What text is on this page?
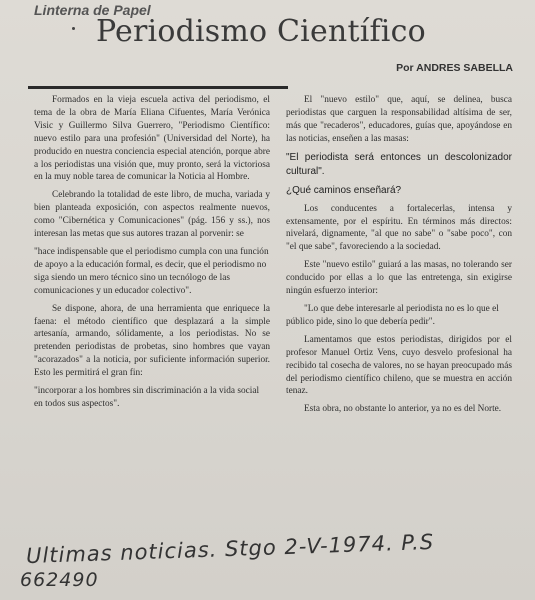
Linterna de Papel
Periodismo Científico
Por ANDRES SABELLA

Formados en la vieja escuela activa del periodismo, el tema de la obra de María Eliana Cifuentes, María Verónica Visic y Guillermo Silva Guerrero, "Periodismo Científico: nuevo estilo para una profesión" (Universidad del Norte), ha producido en nuestra conciencia especial atención, porque abre a los periodistas una visión que, muy pronto, será la victoriosa en la muy noble tarea de comunicar la Noticia al Hombre.

Celebrando la totalidad de este libro, de mucha, variada y bien planteada exposición, con aspectos realmente nuevos, como "Cibernética y Comunicaciones" (pág. 156 y ss.), nos interesan las metas que sus autores trazan al porvenir: se

"hace indispensable que el periodismo cumpla con una función de apoyo a la educación formal, es decir, que el periodismo no siga siendo un mero técnico sino un tecnólogo de las comunicaciones y un educador colectivo".

Se dispone, ahora, de una herramienta que enriquece la faena: el método científico que desplazará a la simple artesanía, armando, sólidamente, a los periodistas. No se pretenden periodistas de probetas, sino hombres que vayan "acorazados" a la noticia, por suficiente información superior. Esto les permitirá el gran fin:

"incorporar a los hombres sin discriminación a la vida social en todos sus aspectos".

El "nuevo estilo" que, aquí, se delinea, busca periodistas que carguen la responsabilidad altísima de ser, más que "recaderos", educadores, guías que, apoyándose en las noticias, enseñen a las masas:

"El periodista será entonces un descolonizador cultural".

¿Qué caminos enseñará?

Los conducentes a fortalecerlas, intensa y extensamente, por el espíritu. En términos más directos: nivelará, dignamente, "al que no sabe" o "sabe poco", con "el que sabe", favoreciendo a la sociedad.

Este "nuevo estilo" guiará a las masas, no tolerando ser conducido por ellas a lo que las entretenga, sin exigirse ningún esfuerzo interior:

"Lo que debe interesarle al periodista no es lo que el público pide, sino lo que debería pedir".

Lamentamos que estos periodistas, dirigidos por el profesor Manuel Ortiz Vens, cuyo desvelo profesional ha recibido tal cosecha de valores, no se hayan preocupado más del periodismo científico chileno, que se muestra en acción tenaz.

Esta obra, no obstante lo anterior, ya no es del Norte.

Ultimas noticias. Stgo 2-V-1974. P.S
662490
